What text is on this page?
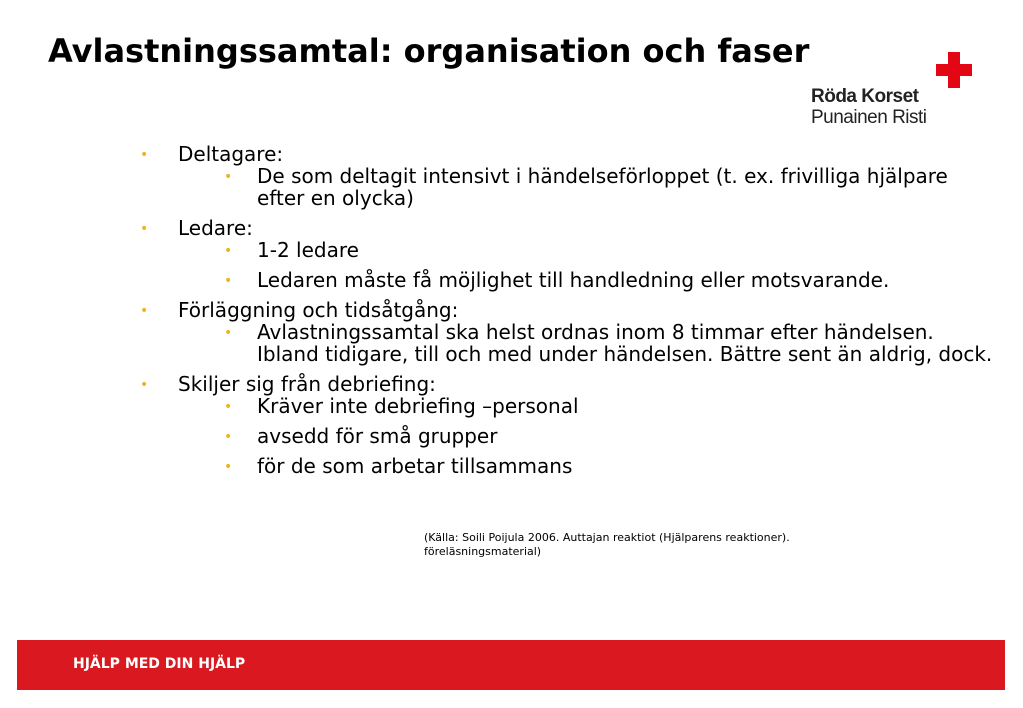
Avlastningssamtal: organisation och faser
Röda Korset
Punainen Risti
• Deltagare:
• De som deltagit intensivt i händelseförloppet (t. ex. frivilliga hjälpare efter en olycka)
• Ledare:
• 1-2 ledare
• Ledaren måste få möjlighet till handledning eller motsvarande.
• Förläggning och tidsåtgång:
• Avlastningssamtal ska helst ordnas inom 8 timmar efter händelsen. Ibland tidigare, till och med under händelsen. Bättre sent än aldrig, dock.
• Skiljer sig från debriefing:
• Kräver inte debriefing –personal
• avsedd för små grupper
• för de som arbetar tillsammans
(Källa: Soili Poijula 2006. Auttajan reaktiot (Hjälparens reaktioner). föreläsningsmaterial)
HJÄLP MED DIN HJÄLP
